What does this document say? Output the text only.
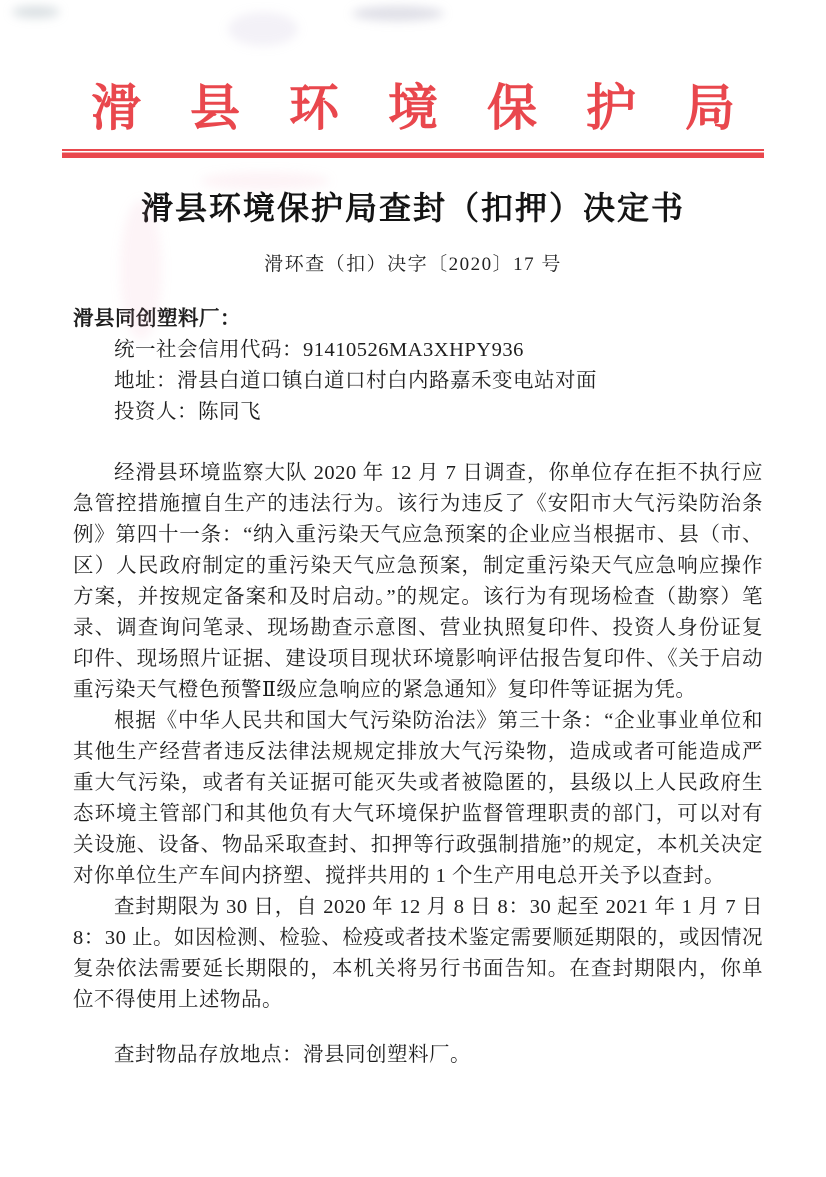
滑县环境保护局
滑县环境保护局查封（扣押）决定书
滑环查（扣）决字〔2020〕17 号
滑县同创塑料厂：
统一社会信用代码：91410526MA3XHPY936
地址：滑县白道口镇白道口村白内路嘉禾变电站对面
投资人：陈同飞

经滑县环境监察大队 2020 年 12 月 7 日调查，你单位存在拒不执行应急管控措施擅自生产的违法行为。该行为违反了《安阳市大气污染防治条例》第四十一条：“纳入重污染天气应急预案的企业应当根据市、县（市、区）人民政府制定的重污染天气应急预案，制定重污染天气应急响应操作方案，并按规定备案和及时启动。”的规定。该行为有现场检查（勘察）笔录、调查询问笔录、现场勘查示意图、营业执照复印件、投资人身份证复印件、现场照片证据、建设项目现状环境影响评估报告复印件、《关于启动重污染天气橙色预警Ⅱ级应急响应的紧急通知》复印件等证据为凭。

根据《中华人民共和国大气污染防治法》第三十条：“企业事业单位和其他生产经营者违反法律法规规定排放大气污染物，造成或者可能造成严重大气污染，或者有关证据可能灭失或者被隐匿的，县级以上人民政府生态环境主管部门和其他负有大气环境保护监督管理职责的部门，可以对有关设施、设备、物品采取查封、扣押等行政强制措施”的规定，本机关决定对你单位生产车间内挤塑、搅拌共用的 1 个生产用电总开关予以查封。

查封期限为 30 日，自 2020 年 12 月 8 日 8：30 起至 2021 年 1 月 7 日 8：30 止。如因检测、检验、检疫或者技术鉴定需要顺延期限的，或因情况复杂依法需要延长期限的，本机关将另行书面告知。在查封期限内，你单位不得使用上述物品。

查封物品存放地点：滑县同创塑料厂。
